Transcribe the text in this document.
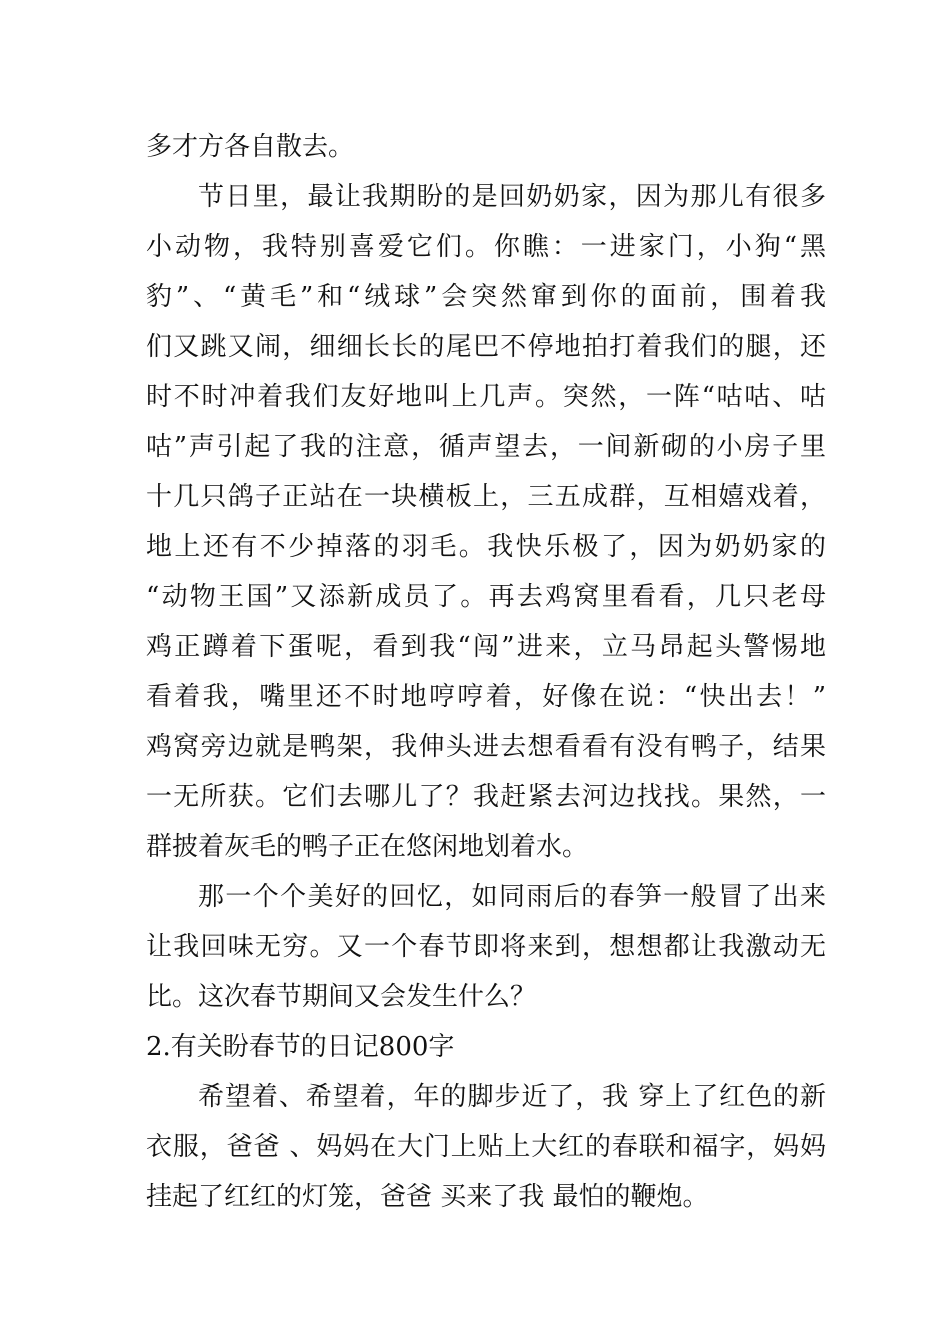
多才方各自散去。
节日里，最让我期盼的是回奶奶家，因为那儿有很多
小动物，我特别喜爱它们。你瞧：一进家门，小狗“黑
豹”、“黄毛”和“绒球”会突然窜到你的面前，围着我
们又跳又闹，细细长长的尾巴不停地拍打着我们的腿，还
时不时冲着我们友好地叫上几声。突然，一阵“咕咕、咕
咕”声引起了我的注意，循声望去，一间新砌的小房子里
十几只鸽子正站在一块横板上，三五成群，互相嬉戏着，
地上还有不少掉落的羽毛。我快乐极了，因为奶奶家的
“动物王国”又添新成员了。再去鸡窝里看看，几只老母
鸡正蹲着下蛋呢，看到我“闯”进来，立马昂起头警惕地
看着我，嘴里还不时地哼哼着，好像在说：“快出去！”
鸡窝旁边就是鸭架，我伸头进去想看看有没有鸭子，结果
一无所获。它们去哪儿了？我赶紧去河边找找。果然，一
群披着灰毛的鸭子正在悠闲地划着水。
那一个个美好的回忆，如同雨后的春笋一般冒了出来
让我回味无穷。又一个春节即将来到，想想都让我激动无
比。这次春节期间又会发生什么？
2.有关盼春节的日记800字
希望着、希望着，年的脚步近了，我 穿上了红色的新
衣服，爸爸 、妈妈在大门上贴上大红的春联和福字，妈妈
挂起了红红的灯笼，爸爸 买来了我 最怕的鞭炮。
